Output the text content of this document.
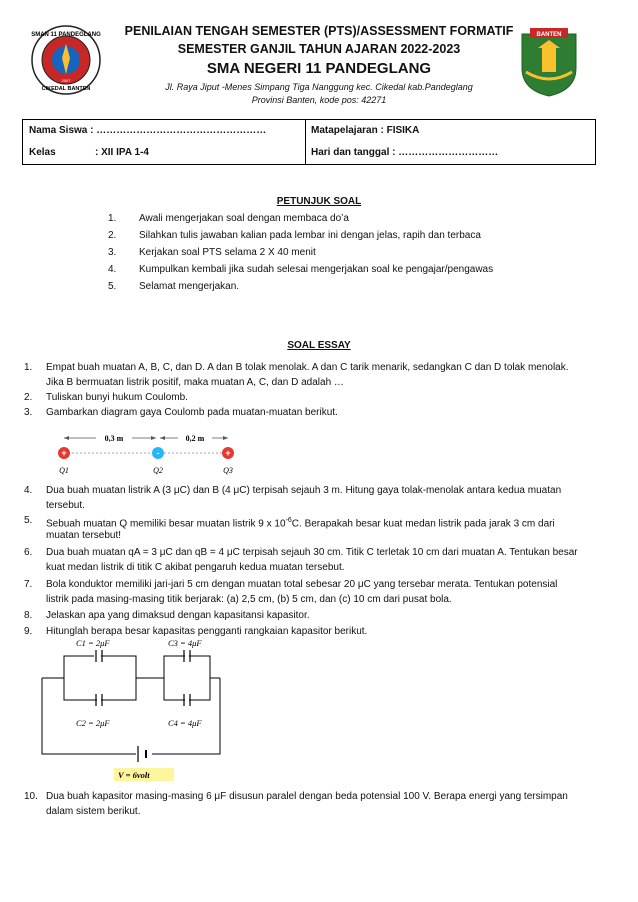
SMAN 11 PANDEGLANG
CIKEDAL BANTEN
2007
BANTEN
PENILAIAN TENGAH SEMESTER (PTS)/ASSESSMENT FORMATIF
SEMESTER GANJIL TAHUN AJARAN 2022-2023
SMA NEGERI 11 PANDEGLANG
Jl. Raya Jiput -Menes Simpang Tiga Nanggung kec. Cikedal kab.Pandeglang
Provinsi Banten, kode pos: 42271
Nama Siswa : ……………………………………………
Kelas	: XII IPA 1-4
Matapelajaran : FISIKA
Hari dan tanggal : …………………………
PETUNJUK SOAL
1. Awali mengerjakan soal dengan membaca do’a
2. Silahkan tulis jawaban kalian pada lembar ini dengan jelas, rapih dan terbaca
3. Kerjakan soal PTS selama 2 X 40 menit
4. Kumpulkan kembali jika sudah selesai mengerjakan soal ke pengajar/pengawas
5. Selamat mengerjakan.
SOAL ESSAY
1. Empat buah muatan A, B, C, dan D. A dan B tolak menolak. A dan C tarik menarik, sedangkan C dan D tolak menolak.
Jika B bermuatan listrik positif, maka muatan A, C, dan D adalah …
2. Tuliskan bunyi hukum Coulomb.
3. Gambarkan diagram gaya Coulomb pada muatan-muatan berikut.
0,3 m	0,2 m
+	-	+
Q1	Q2	Q3
4. Dua buah muatan listrik A (3 μC) dan B (4 μC) terpisah sejauh 3 m. Hitung gaya tolak-menolak antara kedua muatan
tersebut.
5. Sebuah muatan Q memiliki besar muatan listrik 9 x $10^{-6}C$. Berapakah besar kuat medan listrik pada jarak 3 cm dari
muatan tersebut!
6. Dua buah muatan qA = 3 μC dan qB = 4 μC terpisah sejauh 30 cm. Titik C terletak 10 cm dari muatan A. Tentukan besar
kuat medan listrik di titik C akibat pengaruh kedua muatan tersebut.
7. Bola konduktor memiliki jari-jari 5 cm dengan muatan total sebesar 20 μC yang tersebar merata. Tentukan potensial
listrik pada masing-masing titik berjarak: (a) 2,5 cm, (b) 5 cm, dan (c) 10 cm dari pusat bola.
8. Jelaskan apa yang dimaksud dengan kapasitansi kapasitor.
9. Hitunglah berapa besar kapasitas pengganti rangkaian kapasitor berikut.
C1 = 2μF	C3 = 4μF
C2 = 2μF	C4 = 4μF
V = 6volt
10. Dua buah kapasitor masing-masing 6 μF disusun paralel dengan beda potensial 100 V. Berapa energi yang tersimpan
dalam sistem berikut.
